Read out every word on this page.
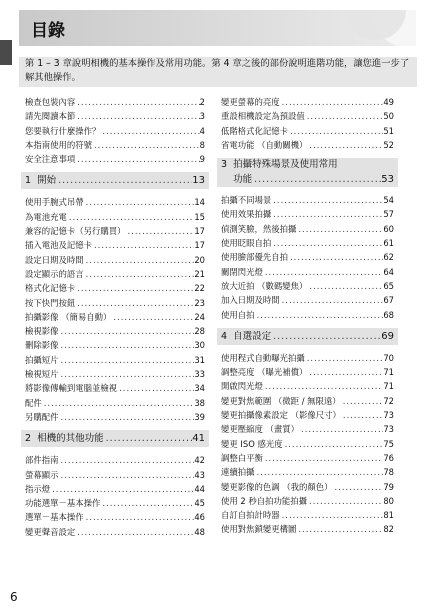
目錄
第 1 – 3 章說明相機的基本操作及常用功能。第 4 章之後的部份說明進階功能，讓您進一步了解其他操作。
檢查包裝內容 .....	2
請先閱讀本節 .....	3
您要執行什麼操作？ .....	4
本指南使用的符號 .....	8
安全注意事項 .....	9
1 開始 .....	13
使用手腕式吊帶 .....	14
為電池充電 .....	15
兼容的記憶卡（另行購買） .....	17
插入電池及記憶卡 .....	17
設定日期及時間 .....	20
設定顯示的語言 .....	21
格式化記憶卡 .....	22
按下快門按鈕 .....	23
拍攝影像 （簡易自動） .....	24
檢視影像 .....	28
刪除影像 .....	30
拍攝短片 .....	31
檢視短片 .....	33
將影像傳輸到電腦並檢視 .....	34
配件 .....	38
另購配件 .....	39
2 相機的其他功能 .....	41
部件指南 .....	42
螢幕顯示 .....	43
指示燈 .....	44
功能選單－基本操作 .....	45
選單－基本操作 .....	46
變更聲音設定 .....	48
變更螢幕的亮度 .....	49
重設相機設定為預設值 .....	50
低階格式化記憶卡 .....	51
省電功能 （自動關機） .....	52
3 拍攝特殊場景及使用常用
功能 .....	53
拍攝不同場景 .....	54
使用效果拍攝 .....	57
偵測笑臉，然後拍攝 .....	60
使用眨眼自拍 .....	61
使用臉部優先自拍 .....	62
關閉閃光燈 .....	64
放大近拍 （數碼變焦） .....	65
加入日期及時間 .....	67
使用自拍 .....	68
4 自選設定 .....	69
使用程式自動曝光拍攝 .....	70
調整亮度 （曝光補償） .....	71
開啟閃光燈 .....	71
變更對焦範圍 （微距 / 無限遠） .....	72
變更拍攝像素設定 （影像尺寸） .....	73
變更壓縮度 （畫質） .....	73
變更 ISO 感光度 .....	75
調整白平衡 .....	76
連續拍攝 .....	78
變更影像的色調 （我的顏色） .....	79
使用 2 秒自拍功能拍攝 .....	80
自訂自拍計時器 .....	81
使用對焦鎖變更構圖 .....	82
6
